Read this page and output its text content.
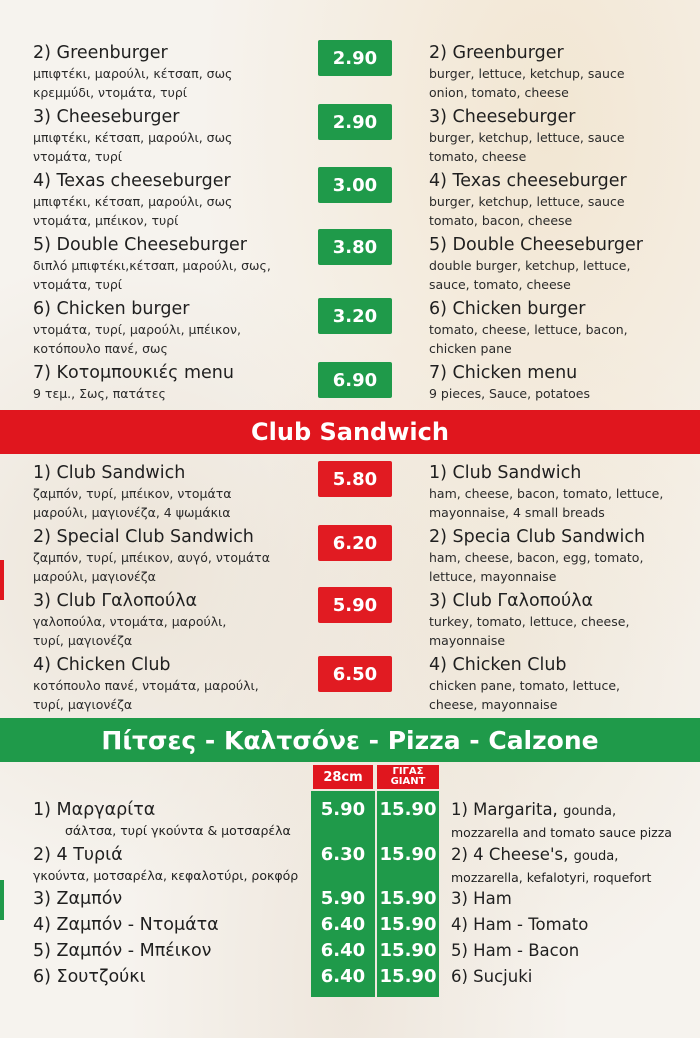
2) Greenburger
μπιφτέκι, μαρούλι, κέτσαπ, σως
κρεμμύδι, ντομάτα, τυρί
2.90	2) Greenburger
burger, lettuce, ketchup, sauce
onion, tomato, cheese
3) Cheeseburger
μπιφτέκι, κέτσαπ, μαρούλι, σως
ντομάτα, τυρί
2.90	3) Cheeseburger
burger, ketchup, lettuce, sauce
tomato, cheese
4) Texas cheeseburger
μπιφτέκι, κέτσαπ, μαρούλι, σως
ντομάτα, μπέικον, τυρί
3.00	4) Texas cheeseburger
burger, ketchup, lettuce, sauce
tomato, bacon, cheese
5) Double Cheeseburger
διπλό μπιφτέκι,κέτσαπ, μαρούλι, σως,
ντομάτα, τυρί
3.80	5) Double Cheeseburger
double burger, ketchup, lettuce,
sauce, tomato, cheese
6) Chicken burger
ντομάτα, τυρί, μαρούλι, μπέικον,
κοτόπουλο πανέ, σως
3.20	6) Chicken burger
tomato, cheese, lettuce, bacon,
chicken pane
7) Κοτομπουκιές menu
9 τεμ., Σως, πατάτες
6.90	7) Chicken menu
9 pieces, Sauce, potatoes
Club Sandwich
1) Club Sandwich
ζαμπόν, τυρί, μπέικον, ντομάτα
μαρούλι, μαγιονέζα, 4 ψωμάκια
5.80	1) Club Sandwich
ham, cheese, bacon, tomato, lettuce,
mayonnaise, 4 small breads
2) Special Club Sandwich
ζαμπόν, τυρί, μπέικον, αυγό, ντομάτα
μαρούλι, μαγιονέζα
6.20	2) Specia Club Sandwich
ham, cheese, bacon, egg, tomato,
lettuce, mayonnaise
3) Club Γαλοπούλα
γαλοπούλα, ντομάτα, μαρούλι,
τυρί, μαγιονέζα
5.90	3) Club Γαλοπούλα
turkey, tomato, lettuce, cheese,
mayonnaise
4) Chicken Club
κοτόπουλο πανέ, ντομάτα, μαρούλι,
τυρί, μαγιονέζα
6.50	4) Chicken Club
chicken pane, tomato, lettuce,
cheese, mayonnaise
Πίτσες - Καλτσόνε - Pizza - Calzone
28cm	ΓΙΓΑΣ
GIANT
1) Μαργαρίτα
σάλτσα, τυρί γκούντα & μοτσαρέλα
5.90 15.90 1) Margarita, gounda,
mozzarella and tomato sauce pizza
2) 4 Τυριά
γκούντα, μοτσαρέλα, κεφαλοτύρι, ροκφόρ
6.30 15.90 2) 4 Cheese's, gouda,
mozzarella, kefalotyri, roquefort
3) Ζαμπόν	5.90 15.90 3) Ham
4) Ζαμπόν - Ντομάτα	6.40 15.90 4) Ham - Tomato
5) Ζαμπόν - Μπέικον	6.40 15.90 5) Ham - Bacon
6) Σουτζούκι	6.40 15.90 6) Sucjuki
